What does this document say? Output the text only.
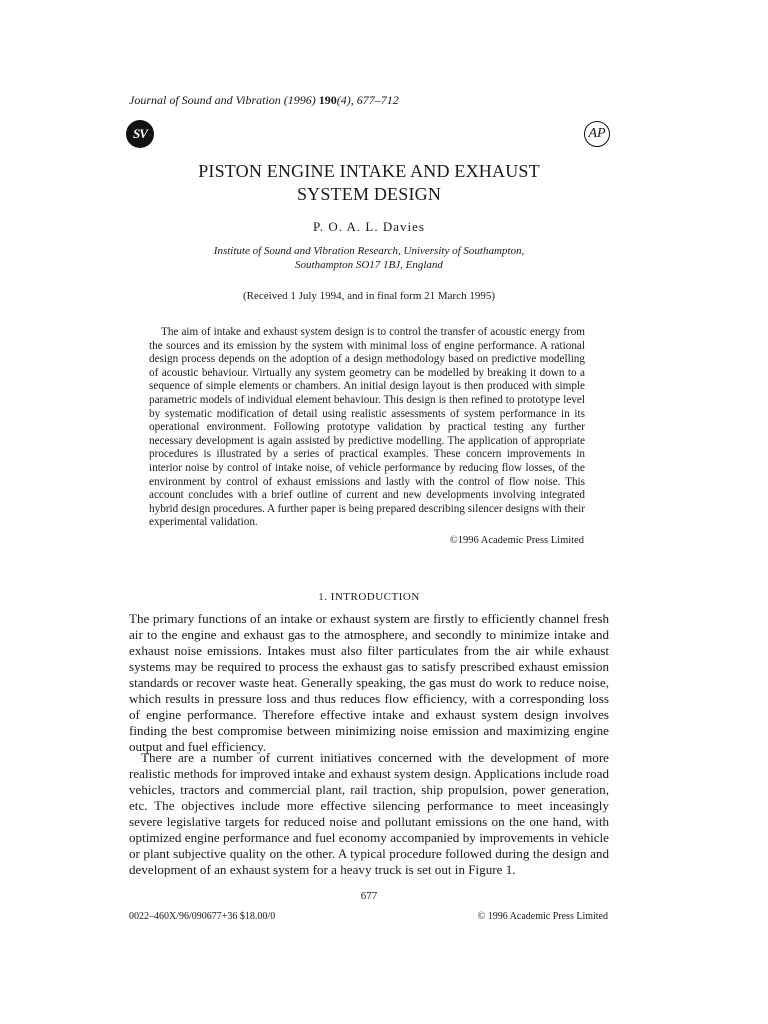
Journal of Sound and Vibration (1996) 190(4), 677–712
SV	AP
PISTON ENGINE INTAKE AND EXHAUST
SYSTEM DESIGN
P. O. A. L. Davies
Institute of Sound and Vibration Research, University of Southampton,
Southampton SO17 1BJ, England
(Received 1 July 1994, and in final form 21 March 1995)
The aim of intake and exhaust system design is to control the transfer of acoustic energy from the sources and its emission by the system with minimal loss of engine performance. A rational design process depends on the adoption of a design methodology based on predictive modelling of acoustic behaviour. Virtually any system geometry can be modelled by breaking it down to a sequence of simple elements or chambers. An initial design layout is then produced with simple parametric models of individual element behaviour. This design is then refined to prototype level by systematic modification of detail using realistic assessments of system performance in its operational environment. Following prototype validation by practical testing any further necessary development is again assisted by predictive modelling. The application of appropriate procedures is illustrated by a series of practical examples. These concern improvements in interior noise by control of intake noise, of vehicle performance by reducing flow losses, of the environment by control of exhaust emissions and lastly with the control of flow noise. This account concludes with a brief outline of current and new developments involving integrated hybrid design procedures. A further paper is being prepared describing silencer designs with their experimental validation.
©1996 Academic Press Limited
1. INTRODUCTION
The primary functions of an intake or exhaust system are firstly to efficiently channel fresh air to the engine and exhaust gas to the atmosphere, and secondly to minimize intake and exhaust noise emissions. Intakes must also filter particulates from the air while exhaust systems may be required to process the exhaust gas to satisfy prescribed exhaust emission standards or recover waste heat. Generally speaking, the gas must do work to reduce noise, which results in pressure loss and thus reduces flow efficiency, with a corresponding loss of engine performance. Therefore effective intake and exhaust system design involves finding the best compromise between minimizing noise emission and maximizing engine output and fuel efficiency.
There are a number of current initiatives concerned with the development of more realistic methods for improved intake and exhaust system design. Applications include road vehicles, tractors and commercial plant, rail traction, ship propulsion, power generation, etc. The objectives include more effective silencing performance to meet inceasingly severe legislative targets for reduced noise and pollutant emissions on the one hand, with optimized engine performance and fuel economy accompanied by improvements in vehicle or plant subjective quality on the other. A typical procedure followed during the design and development of an exhaust system for a heavy truck is set out in Figure 1.
677
0022–460X/96/090677+36 $18.00/0	© 1996 Academic Press Limited
